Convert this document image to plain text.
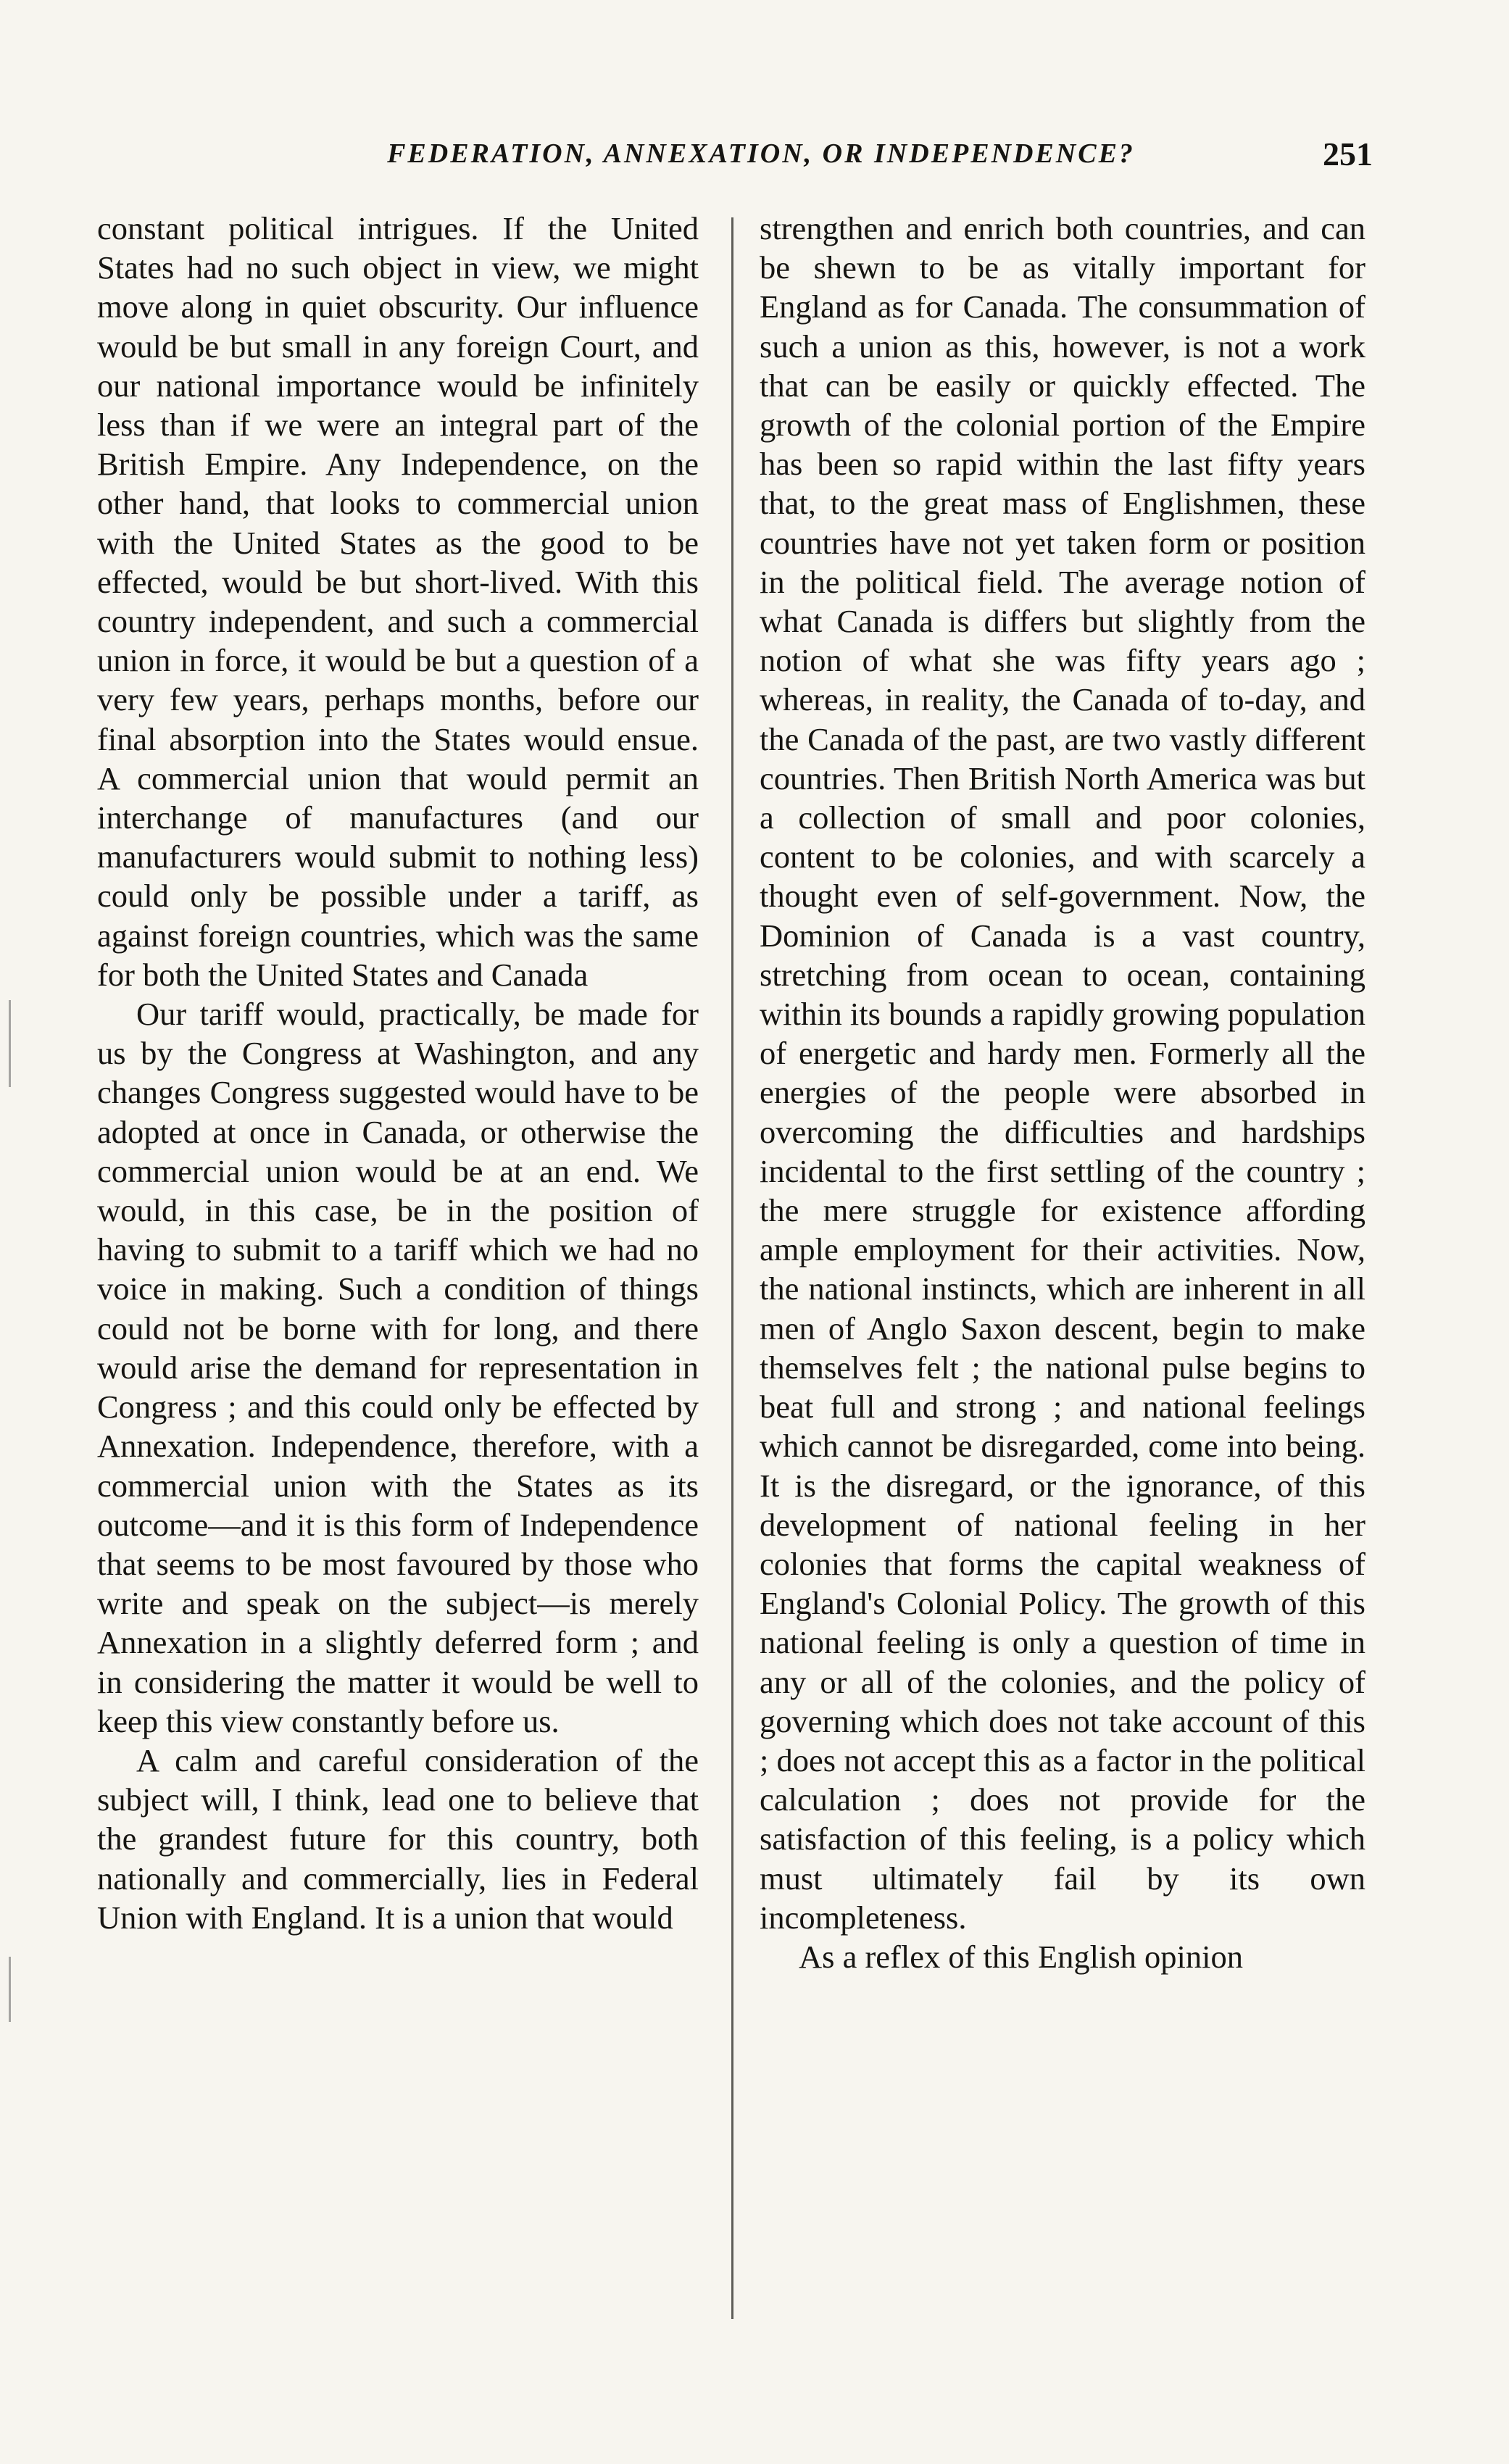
FEDERATION, ANNEXATION, OR INDEPENDENCE?	251

constant political intrigues. If the United States had no such object in view, we might move along in quiet obscurity. Our influence would be but small in any foreign Court, and our national importance would be infinitely less than if we were an integral part of the British Empire. Any Independence, on the other hand, that looks to commercial union with the United States as the good to be effected, would be but short-lived. With this country independent, and such a commercial union in force, it would be but a question of a very few years, perhaps months, before our final absorption into the States would ensue. A commercial union that would permit an interchange of manufactures (and our manufacturers would submit to nothing less) could only be possible under a tariff, as against foreign countries, which was the same for both the United States and Canada

Our tariff would, practically, be made for us by the Congress at Washington, and any changes Congress suggested would have to be adopted at once in Canada, or otherwise the commercial union would be at an end. We would, in this case, be in the position of having to submit to a tariff which we had no voice in making. Such a condition of things could not be borne with for long, and there would arise the demand for representation in Congress ; and this could only be effected by Annexation. Independence, therefore, with a commercial union with the States as its outcome—and it is this form of Independence that seems to be most favoured by those who write and speak on the subject—is merely Annexation in a slightly deferred form ; and in considering the matter it would be well to keep this view constantly before us.

A calm and careful consideration of the subject will, I think, lead one to believe that the grandest future for this country, both nationally and commercially, lies in Federal Union with England. It is a union that would

strengthen and enrich both countries, and can be shewn to be as vitally important for England as for Canada. The consummation of such a union as this, however, is not a work that can be easily or quickly effected. The growth of the colonial portion of the Empire has been so rapid within the last fifty years that, to the great mass of Englishmen, these countries have not yet taken form or position in the political field. The average notion of what Canada is differs but slightly from the notion of what she was fifty years ago ; whereas, in reality, the Canada of to-day, and the Canada of the past, are two vastly different countries. Then British North America was but a collection of small and poor colonies, content to be colonies, and with scarcely a thought even of self-government. Now, the Dominion of Canada is a vast country, stretching from ocean to ocean, containing within its bounds a rapidly growing population of energetic and hardy men. Formerly all the energies of the people were absorbed in overcoming the difficulties and hardships incidental to the first settling of the country ; the mere struggle for existence affording ample employment for their activities. Now, the national instincts, which are inherent in all men of Anglo Saxon descent, begin to make themselves felt ; the national pulse begins to beat full and strong ; and national feelings which cannot be disregarded, come into being. It is the disregard, or the ignorance, of this development of national feeling in her colonies that forms the capital weakness of England's Colonial Policy. The growth of this national feeling is only a question of time in any or all of the colonies, and the policy of governing which does not take account of this ; does not accept this as a factor in the political calculation ; does not provide for the satisfaction of this feeling, is a policy which must ultimately fail by its own incompleteness.

As a reflex of this English opinion
